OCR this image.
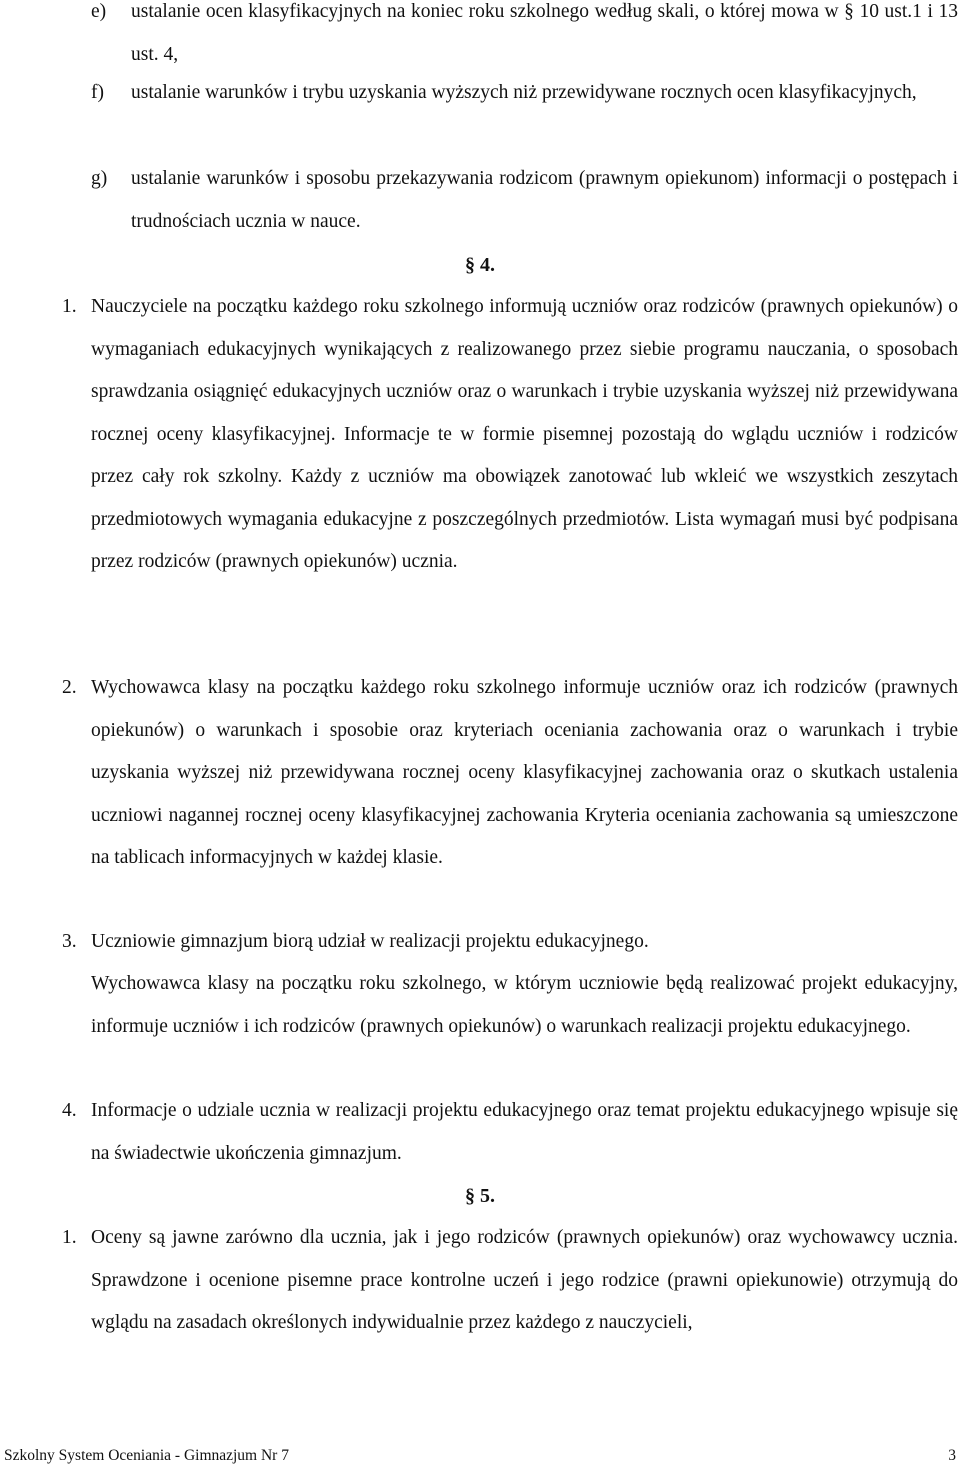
e) ustalanie ocen klasyfikacyjnych na koniec roku szkolnego według skali, o której mowa w § 10 ust.1 i 13 ust. 4,
f) ustalanie warunków i trybu uzyskania wyższych niż przewidywane rocznych ocen klasyfikacyjnych,
g) ustalanie warunków i sposobu przekazywania rodzicom (prawnym opiekunom) informacji o postępach i trudnościach ucznia w nauce.
§ 4.
1. Nauczyciele na początku każdego roku szkolnego informują uczniów oraz rodziców (prawnych opiekunów) o wymaganiach edukacyjnych wynikających z realizowanego przez siebie programu nauczania, o sposobach sprawdzania osiągnięć edukacyjnych uczniów oraz o warunkach i trybie uzyskania wyższej niż przewidywana rocznej oceny klasyfikacyjnej. Informacje te w formie pisemnej pozostają do wglądu uczniów i rodziców przez cały rok szkolny. Każdy z uczniów ma obowiązek zanotować lub wkleić we wszystkich zeszytach przedmiotowych wymagania edukacyjne z poszczególnych przedmiotów. Lista wymagań musi być podpisana przez rodziców (prawnych opiekunów) ucznia.
2. Wychowawca klasy na początku każdego roku szkolnego informuje uczniów oraz ich rodziców (prawnych opiekunów) o warunkach i sposobie oraz kryteriach oceniania zachowania oraz o warunkach i trybie uzyskania wyższej niż przewidywana rocznej oceny klasyfikacyjnej zachowania oraz o skutkach ustalenia uczniowi nagannej rocznej oceny klasyfikacyjnej zachowania Kryteria oceniania zachowania są umieszczone na tablicach informacyjnych w każdej klasie.
3. Uczniowie gimnazjum biorą udział w realizacji projektu edukacyjnego.
Wychowawca klasy na początku roku szkolnego, w którym uczniowie będą realizować projekt edukacyjny, informuje uczniów i ich rodziców (prawnych opiekunów) o warunkach realizacji projektu edukacyjnego.
4. Informacje o udziale ucznia w realizacji projektu edukacyjnego oraz temat projektu edukacyjnego wpisuje się na świadectwie ukończenia gimnazjum.
§ 5.
1. Oceny są jawne zarówno dla ucznia, jak i jego rodziców (prawnych opiekunów) oraz wychowawcy ucznia. Sprawdzone i ocenione pisemne prace kontrolne uczeń i jego rodzice (prawni opiekunowie) otrzymują do wglądu na zasadach określonych indywidualnie przez każdego z nauczycieli,
Szkolny System Oceniania - Gimnazjum Nr 7	3
